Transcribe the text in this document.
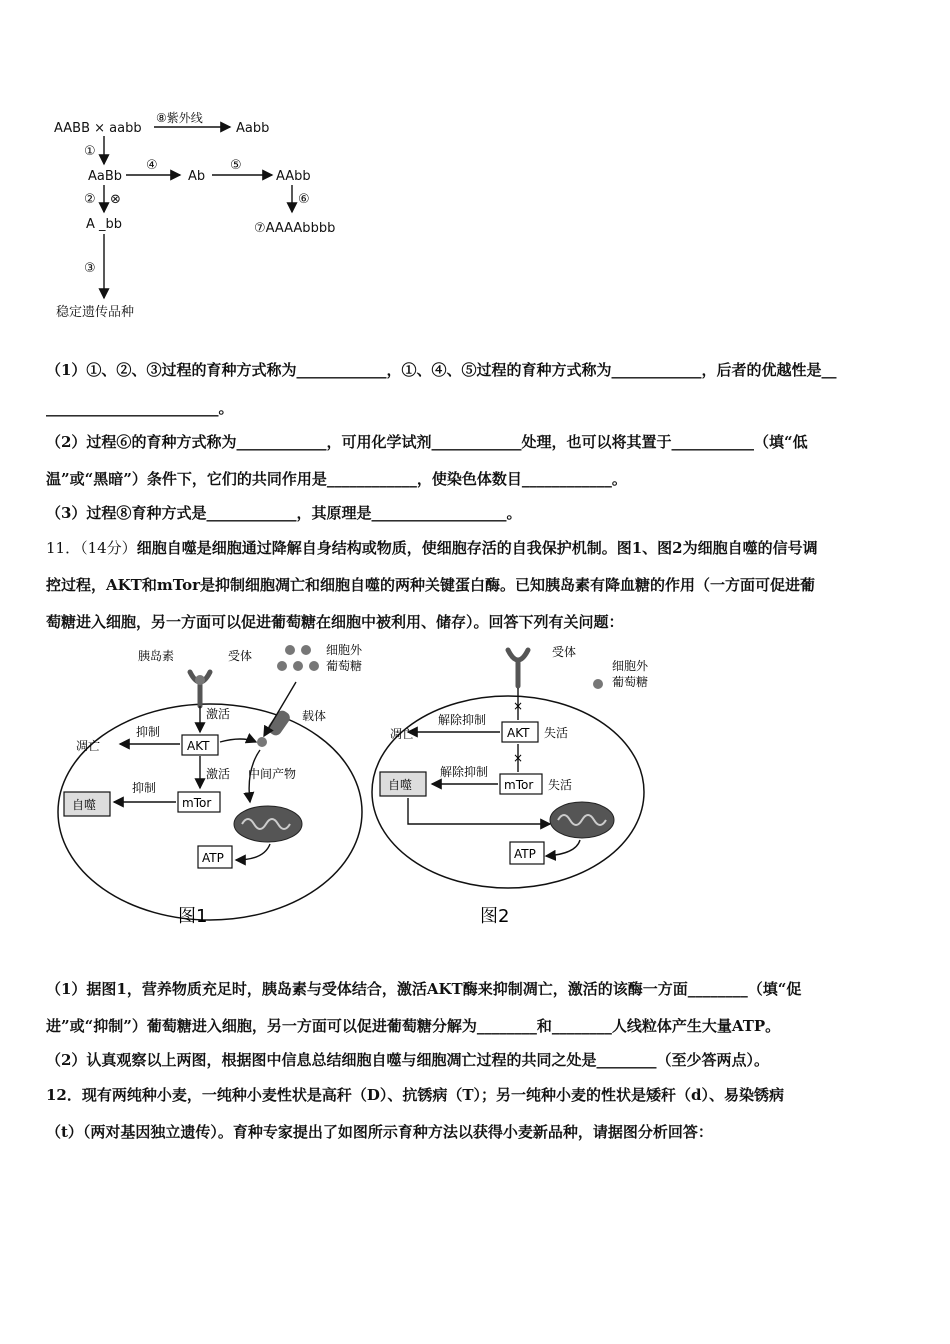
AABB × aabb
⑧紫外线
Aabb
①
AaBb
④
Ab
⑤
AAbb
② ⊗	⑥
A _bb	⑦AAAAbbbb
③
稳定遗传品种
（1）①、②、③过程的育种方式称为____________，①、④、⑤过程的育种方式称为____________，后者的优越性是__
_______________________。
（2）过程⑥的育种方式称为____________，可用化学试剂____________处理，也可以将其置于___________（填“低
温”或“黑暗”）条件下，它们的共同作用是____________，使染色体数目____________。
（3）过程⑧育种方式是____________，其原理是__________________。
11．（14分）细胞自噬是细胞通过降解自身结构或物质，使细胞存活的自我保护机制。图1、图2为细胞自噬的信号调
控过程，AKT和mTor是抑制细胞凋亡和细胞自噬的两种关键蛋白酶。已知胰岛素有降血糖的作用（一方面可促进葡
萄糖进入细胞，另一方面可以促进葡萄糖在细胞中被利用、储存）。回答下列有关问题：
胰岛素	受体	细胞外
葡萄糖
载体
激活
AKT
抑制
凋亡
激活 中间产物
mTor
抑制
自噬
ATP
图1
受体
细胞外
葡萄糖
×
AKT 失活
解除抑制
凋亡
×
mTor 失活
解除抑制
自噬
ATP
图2
（1）据图1，营养物质充足时，胰岛素与受体结合，激活AKT酶来抑制凋亡，激活的该酶一方面________（填“促
进”或“抑制”）葡萄糖进入细胞，另一方面可以促进葡萄糖分解为________和________人线粒体产生大量ATP。
（2）认真观察以上两图，根据图中信息总结细胞自噬与细胞凋亡过程的共同之处是________（至少答两点）。
12．现有两纯种小麦，一纯种小麦性状是高秆（D）、抗锈病（T）；另一纯种小麦的性状是矮秆（d）、易染锈病
（t）（两对基因独立遗传）。育种专家提出了如图所示育种方法以获得小麦新品种，请据图分析回答：
